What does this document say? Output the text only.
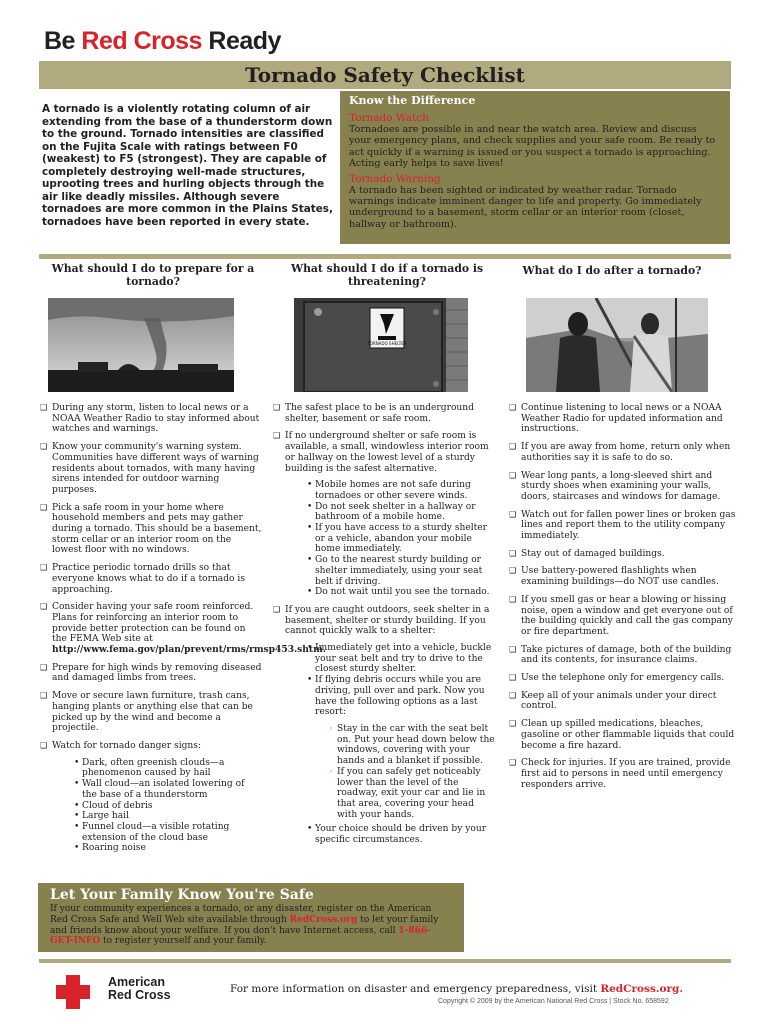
Be Red Cross Ready
Tornado Safety Checklist
A tornado is a violently rotating column of air extending from the base of a thunderstorm down to the ground. Tornado intensities are classified on the Fujita Scale with ratings between F0 (weakest) to F5 (strongest). They are capable of completely destroying well-made structures, uprooting trees and hurling objects through the air like deadly missiles. Although severe tornadoes are more common in the Plains States, tornadoes have been reported in every state.
Know the Difference
Tornado Watch

Tornadoes are possible in and near the watch area. Review and discuss your emergency plans, and check supplies and your safe room. Be ready to act quickly if a warning is issued or you suspect a tornado is approaching. Acting early helps to save lives!

Tornado Warning

A tornado has been sighted or indicated by weather radar. Tornado warnings indicate imminent danger to life and property. Go immediately underground to a basement, storm cellar or an interior room (closet, hallway or bathroom).

What should I do to prepare for a tornado?
What should I do if a tornado is threatening?
What do I do after a tornado?
TORNADO SHELTER
❑ During any storm, listen to local news or a NOAA Weather Radio to stay informed about watches and warnings.
❑ Know your community's warning system. Communities have different ways of warning residents about tornados, with many having sirens intended for outdoor warning purposes.
❑ Pick a safe room in your home where household members and pets may gather during a tornado. This should be a basement, storm cellar or an interior room on the lowest floor with no windows.
❑ Practice periodic tornado drills so that everyone knows what to do if a tornado is approaching.
❑ Consider having your safe room reinforced. Plans for reinforcing an interior room to provide better protection can be found on the FEMA Web site at http://www.fema.gov/plan/prevent/rms/rmsp453.shtm.
❑ Prepare for high winds by removing diseased and damaged limbs from trees.
❑ Move or secure lawn furniture, trash cans, hanging plants or anything else that can be picked up by the wind and become a projectile.
❑ Watch for tornado danger signs:
• Dark, often greenish clouds—a phenomenon caused by hail
• Wall cloud—an isolated lowering of the base of a thunderstorm
• Cloud of debris
• Large hail
• Funnel cloud—a visible rotating extension of the cloud base
• Roaring noise
❑ The safest place to be is an underground shelter, basement or safe room.
❑ If no underground shelter or safe room is available, a small, windowless interior room or hallway on the lowest level of a sturdy building is the safest alternative.
• Mobile homes are not safe during tornadoes or other severe winds.
• Do not seek shelter in a hallway or bathroom of a mobile home.
• If you have access to a sturdy shelter or a vehicle, abandon your mobile home immediately.
• Go to the nearest sturdy building or shelter immediately, using your seat belt if driving.
• Do not wait until you see the tornado.
❑ If you are caught outdoors, seek shelter in a basement, shelter or sturdy building. If you cannot quickly walk to a shelter:
• Immediately get into a vehicle, buckle your seat belt and try to drive to the closest sturdy shelter.
• If flying debris occurs while you are driving, pull over and park. Now you have the following options as a last resort:
◦ Stay in the car with the seat belt on. Put your head down below the windows, covering with your hands and a blanket if possible.
◦ If you can safely get noticeably lower than the level of the roadway, exit your car and lie in that area, covering your head with your hands.
• Your choice should be driven by your specific circumstances.
❑ Continue listening to local news or a NOAA Weather Radio for updated information and instructions.
❑ If you are away from home, return only when authorities say it is safe to do so.
❑ Wear long pants, a long-sleeved shirt and sturdy shoes when examining your walls, doors, staircases and windows for damage.
❑ Watch out for fallen power lines or broken gas lines and report them to the utility company immediately.
❑ Stay out of damaged buildings.
❑ Use battery-powered flashlights when examining buildings—do NOT use candles.
❑ If you smell gas or hear a blowing or hissing noise, open a window and get everyone out of the building quickly and call the gas company or fire department.
❑ Take pictures of damage, both of the building and its contents, for insurance claims.
❑ Use the telephone only for emergency calls.
❑ Keep all of your animals under your direct control.
❑ Clean up spilled medications, bleaches, gasoline or other flammable liquids that could become a fire hazard.
❑ Check for injuries. If you are trained, provide first aid to persons in need until emergency responders arrive.
Let Your Family Know You're Safe

If your community experiences a tornado, or any disaster, register on the American Red Cross Safe and Well Web site available through RedCross.org to let your family and friends know about your welfare. If you don't have Internet access, call 1-866-GET-INFO to register yourself and your family.

American
Red Cross	For more information on disaster and emergency preparedness, visit RedCross.org.
Copyright © 2009 by the American National Red Cross | Stock No. 658592
